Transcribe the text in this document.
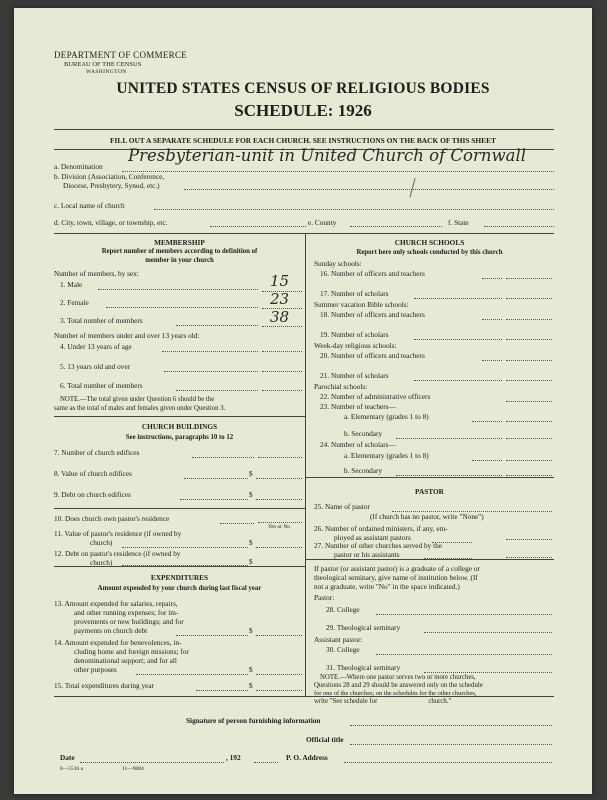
DEPARTMENT OF COMMERCE
BUREAU OF THE CENSUS
WASHINGTON
UNITED STATES CENSUS OF RELIGIOUS BODIES
SCHEDULE: 1926
FILL OUT A SEPARATE SCHEDULE FOR EACH CHURCH. SEE INSTRUCTIONS ON THE BACK OF THIS SHEET
a. Denomination
Presbyterian-unit in United Church of Cornwall
b. Division (Association, Conference,
Diocese, Presbytery, Synod, etc.)
c. Local name of church
d. City, town, village, or township, etc.	e. County	f. State
MEMBERSHIP
Report number of members according to definition of
member in your church
Number of members, by sex:
1. Male	15
2. Female	23
3. Total number of members	38
Number of members under and over 13 years old:
4. Under 13 years of age
5. 13 years old and over
6. Total number of members
NOTE.—The total given under Question 6 should be the
same as the total of males and females given under Question 3.
CHURCH BUILDINGS
See instructions, paragraphs 10 to 12
7. Number of church edifices
8. Value of church edifices	$
9. Debt on church edifices	$
10. Does church own pastor's residence
Yes or No
11. Value of pastor's residence (if owned by
church)	$
12. Debt on pastor's residence (if owned by
church)	$
EXPENDITURES
Amount expended by your church during last fiscal year
13. Amount expended for salaries, repairs,
and other running expenses; for im-
provements or new buildings; and for
payments on church debt	$
14. Amount expended for benevolences, in-
cluding home and foreign missions; for
denominational support; and for all
other purposes	$
15. Total expenditures during year	$
CHURCH SCHOOLS
Report here only schools conducted by this church
Sunday schools:
16. Number of officers and teachers
17. Number of scholars
Summer vacation Bible schools:
18. Number of officers and teachers
19. Number of scholars
Week-day religious schools:
20. Number of officers and teachers
21. Number of scholars
Parochial schools:
22. Number of administrative officers
23. Number of teachers—
a. Elementary (grades 1 to 8)
b. Secondary
24. Number of scholars—
a. Elementary (grades 1 to 8)
b. Secondary
PASTOR
25. Name of pastor
(If church has no pastor, write "None")
26. Number of ordained ministers, if any, em-
ployed as assistant pastors
27. Number of other churches served by the
pastor or his assistants
If pastor (or assistant pastor) is a graduate of a college or
theological seminary, give name of institution below. (If
not a graduate, write "No" in the space indicated.)
Pastor:
28. College
29. Theological seminary
Assistant pastor:
30. College
31. Theological seminary
NOTE.—Where one pastor serves two or more churches,
Questions 28 and 29 should be answered only on the schedule
for one of the churches; on the schedules for the other churches,
write "See schedule for                              church."
Signature of person furnishing information
Official title
Date	, 192	P. O. Address
8—5516 a	11—9084
